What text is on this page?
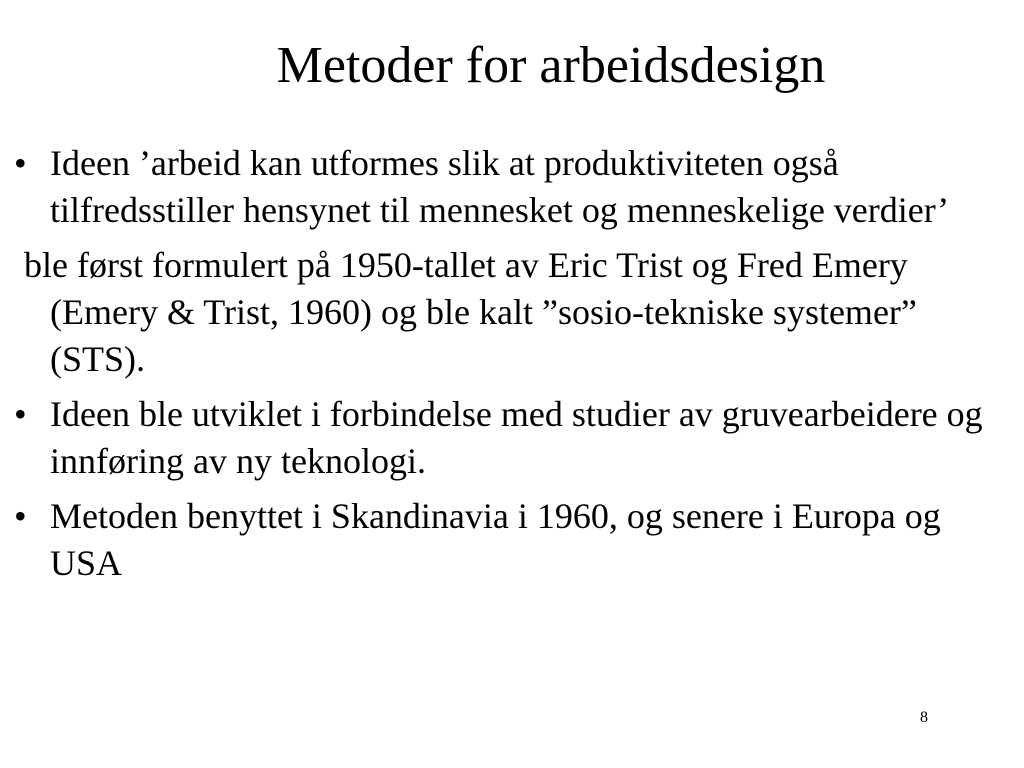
Metoder for arbeidsdesign
• Ideen ’arbeid kan utformes slik at produktiviteten også tilfredsstiller hensynet til mennesket og menneskelige verdier’
ble først formulert på 1950-tallet av Eric Trist og Fred Emery (Emery & Trist, 1960) og ble kalt ”sosio-tekniske systemer” (STS).
• Ideen ble utviklet i forbindelse med studier av gruvearbeidere og innføring av ny teknologi.
• Metoden benyttet i Skandinavia i 1960, og senere i Europa og USA
8
